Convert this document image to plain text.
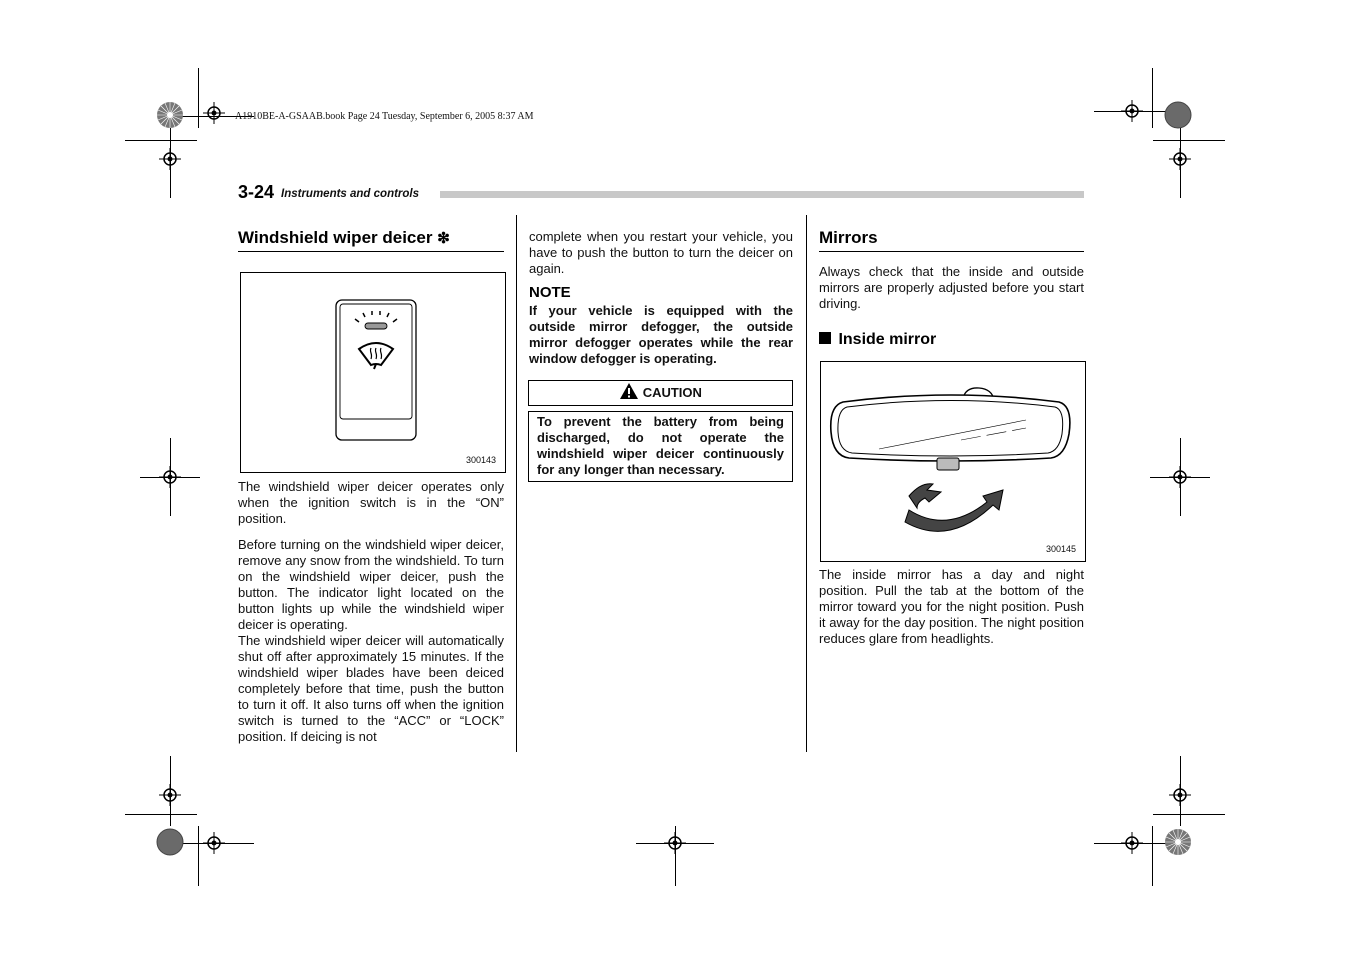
A1910BE-A-GSAAB.book Page 24 Tuesday, September 6, 2005 8:37 AM
3-24 Instruments and controls
Windshield wiper deicer ❇
300143

The windshield wiper deicer operates only when the ignition switch is in the “ON” position.

Before turning on the windshield wiper deicer, remove any snow from the windshield. To turn on the windshield wiper deicer, push the button. The indicator light located on the button lights up while the windshield wiper deicer is operating.

The windshield wiper deicer will automatically shut off after approximately 15 minutes. If the windshield wiper blades have been deiced completely before that time, push the button to turn it off. It also turns off when the ignition switch is turned to the “ACC” or “LOCK” position. If deicing is not

complete when you restart your vehicle, you have to push the button to turn the deicer on again.

NOTE

If your vehicle is equipped with the outside mirror defogger, the outside mirror defogger operates while the rear window defogger is operating.

CAUTION
To prevent the battery from being discharged, do not operate the windshield wiper deicer continuously for any longer than necessary.
Mirrors

Always check that the inside and outside mirrors are properly adjusted before you start driving.

Inside mirror
300145

The inside mirror has a day and night position. Pull the tab at the bottom of the mirror toward you for the night position. Push it away for the day position. The night position reduces glare from headlights.
